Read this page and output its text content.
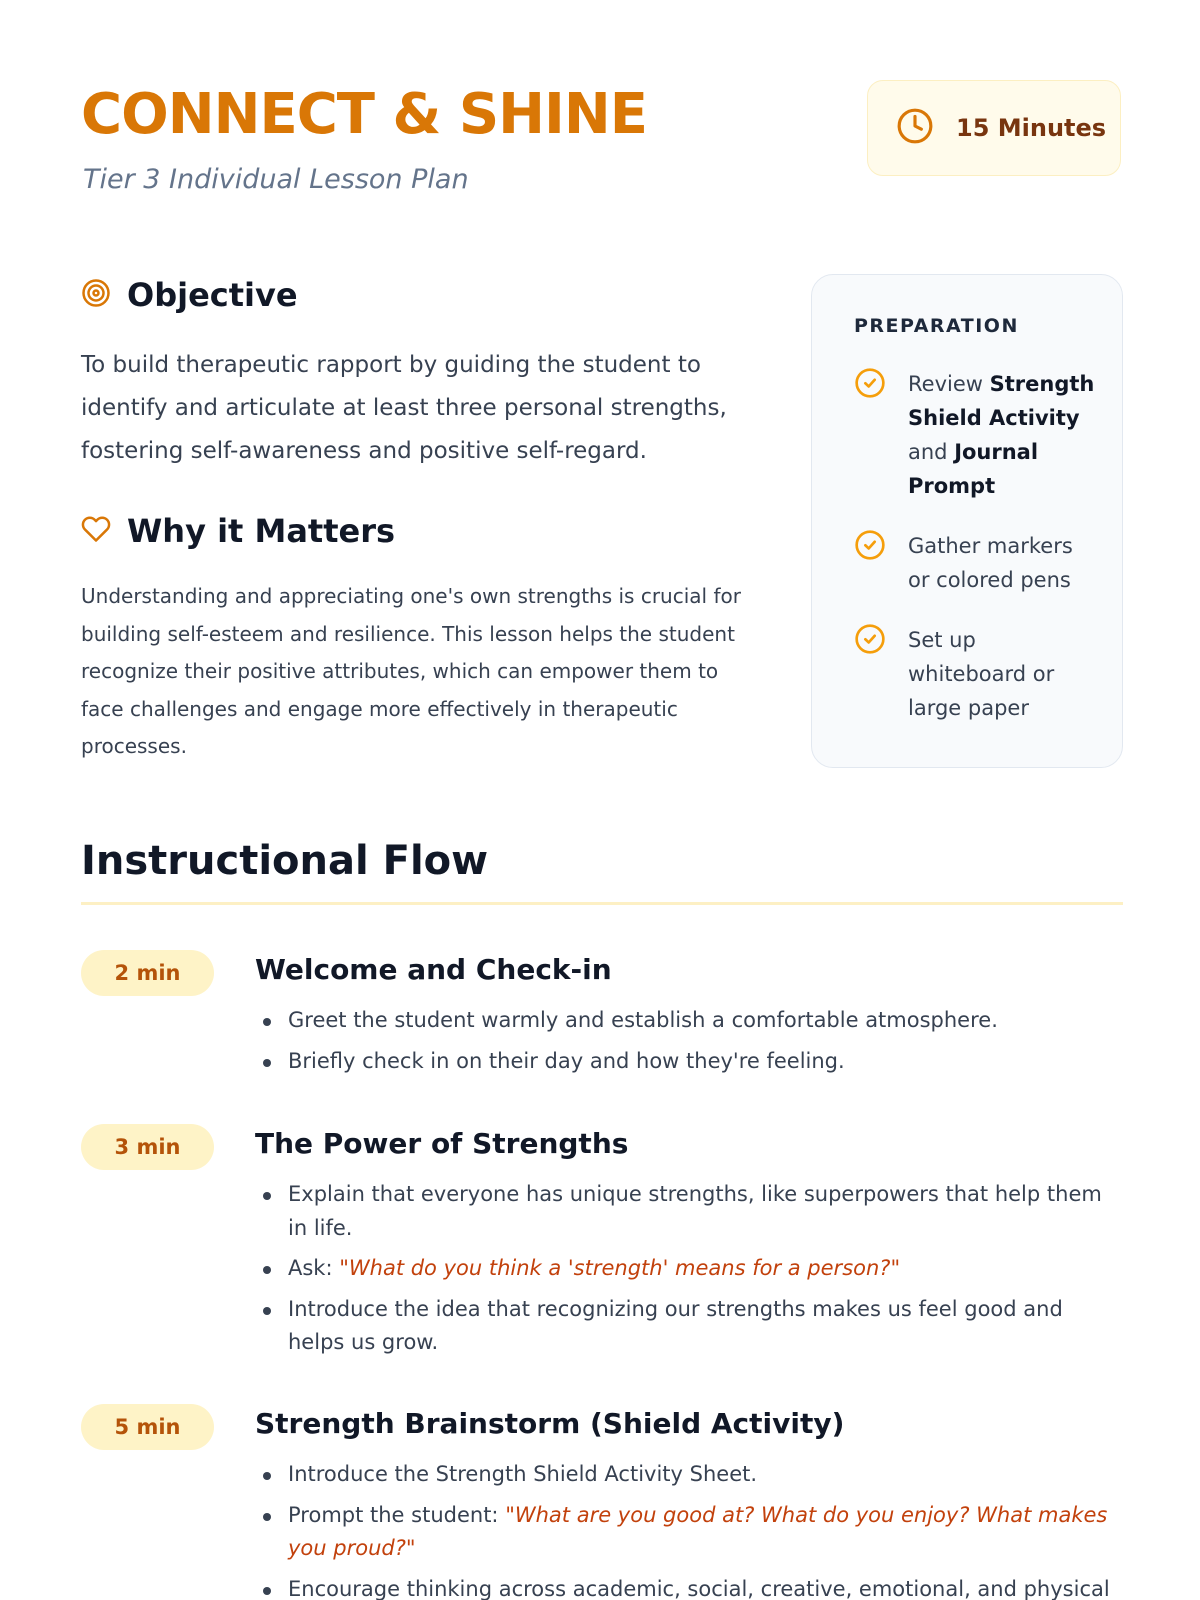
CONNECT & SHINE
Tier 3 Individual Lesson Plan
15 Minutes
Objective

To build therapeutic rapport by guiding the student to identify and articulate at least three personal strengths, fostering self-awareness and positive self-regard.

Why it Matters

Understanding and appreciating one's own strengths is crucial for building self-esteem and resilience. This lesson helps the student recognize their positive attributes, which can empower them to face challenges and engage more effectively in therapeutic processes.

PREPARATION
Review Strength Shield Activity and Journal Prompt
Gather markers or colored pens
Set up whiteboard or large paper
Instructional Flow
2 min	Welcome and Check-in
Greet the student warmly and establish a comfortable atmosphere.
Briefly check in on their day and how they're feeling.
3 min	The Power of Strengths
Explain that everyone has unique strengths, like superpowers that help them in life.
Ask: "What do you think a 'strength' means for a person?"
Introduce the idea that recognizing our strengths makes us feel good and helps us grow.
5 min	Strength Brainstorm (Shield Activity)
Introduce the Strength Shield Activity Sheet.
Prompt the student: "What are you good at? What do you enjoy? What makes you proud?"
Encourage thinking across academic, social, creative, emotional, and physical
